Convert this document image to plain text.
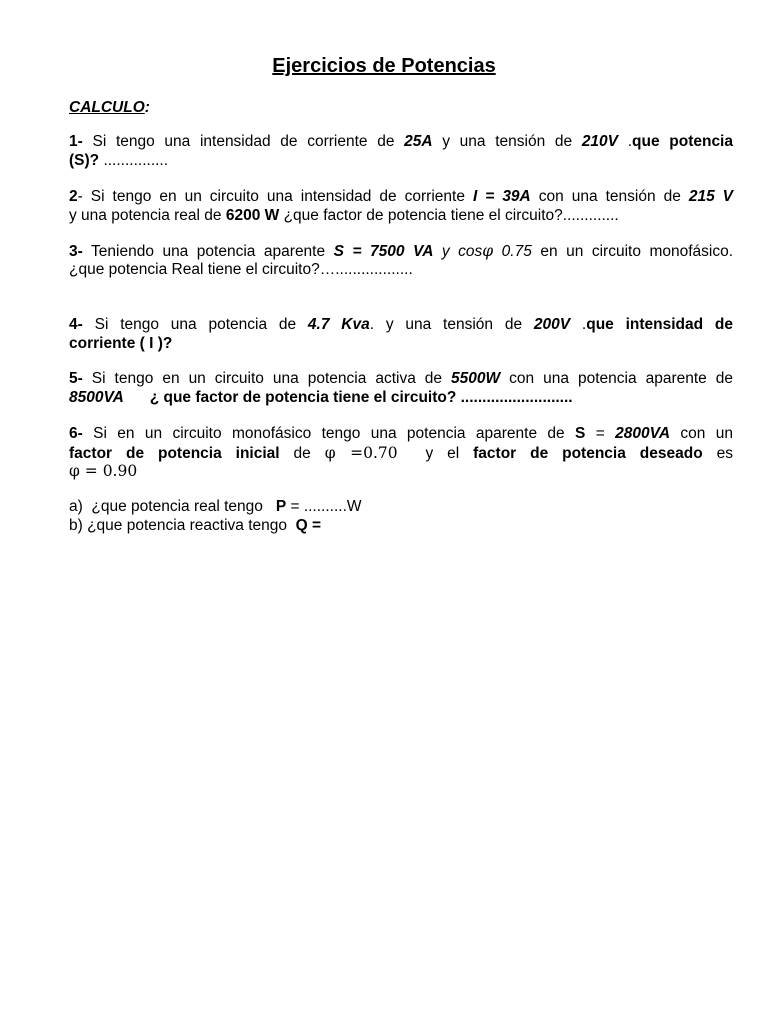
Ejercicios de Potencias
CALCULO:
1- Si tengo una intensidad de corriente de 25A y una tensión de 210V .que potencia
(S)? ...............
2- Si tengo en un circuito una intensidad de corriente I = 39A con una tensión de 215 V
y una potencia real de 6200 W ¿que factor de potencia tiene el circuito?.............
3- Teniendo una potencia aparente S = 7500 VA y cosφ 0.75 en un circuito monofásico.
¿que potencia Real tiene el circuito?…..................
4- Si tengo una potencia de 4.7 Kva. y una tensión de 200V .que intensidad de
corriente ( I )?
5- Si tengo en un circuito una potencia activa de 5500W con una potencia aparente de
8500VA      ¿ que factor de potencia tiene el circuito? ..........................
6- Si en un circuito monofásico tengo una potencia aparente de S = 2800VA con un
factor de potencia inicial de φ =0.70 y el factor de potencia deseado es
φ = 0.90
a)  ¿que potencia real tengo   P = ..........W
b) ¿que potencia reactiva tengo  Q =
